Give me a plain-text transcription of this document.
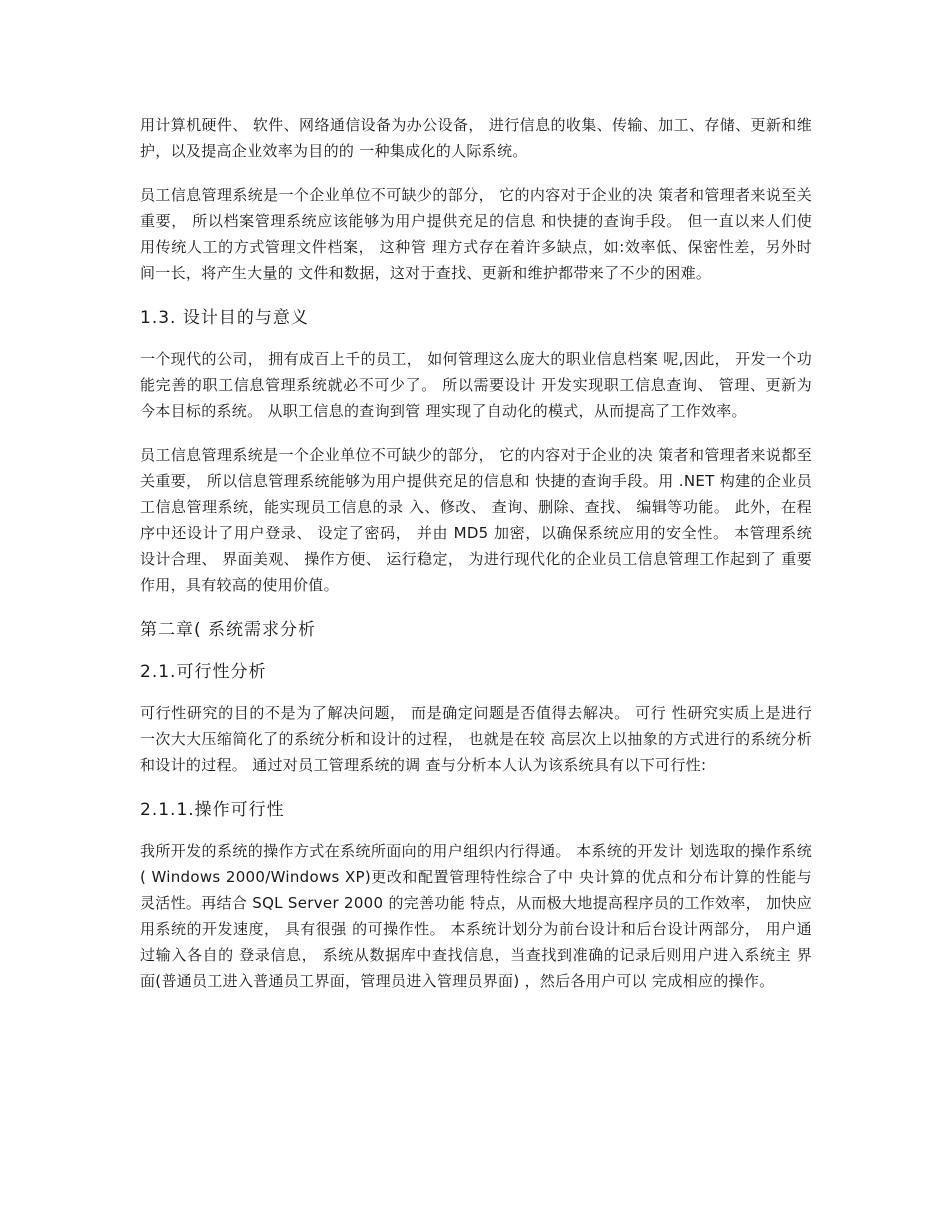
用计算机硬件、 软件、网络通信设备为办公设备， 进行信息的收集、传输、加工、存储、更新和维护，以及提高企业效率为目的的 一种集成化的人际系统。

员工信息管理系统是一个企业单位不可缺少的部分， 它的内容对于企业的决 策者和管理者来说至关重要， 所以档案管理系统应该能够为用户提供充足的信息 和快捷的查询手段。 但一直以来人们使用传统人工的方式管理文件档案， 这种管 理方式存在着许多缺点，如:效率低、保密性差，另外时间一长，将产生大量的 文件和数据，这对于查找、更新和维护都带来了不少的困难。

1.3. 设计目的与意义

一个现代的公司， 拥有成百上千的员工， 如何管理这么庞大的职业信息档案 呢,因此， 开发一个功能完善的职工信息管理系统就必不可少了。 所以需要设计 开发实现职工信息查询、 管理、更新为今本目标的系统。 从职工信息的查询到管 理实现了自动化的模式，从而提高了工作效率。

员工信息管理系统是一个企业单位不可缺少的部分， 它的内容对于企业的决 策者和管理者来说都至关重要， 所以信息管理系统能够为用户提供充足的信息和 快捷的查询手段。用 .NET 构建的企业员工信息管理系统，能实现员工信息的录 入、修改、 查询、删除、查找、 编辑等功能。 此外，在程序中还设计了用户登录、 设定了密码， 并由 MD5 加密，以确保系统应用的安全性。 本管理系统设计合理、 界面美观、 操作方便、 运行稳定， 为进行现代化的企业员工信息管理工作起到了 重要作用，具有较高的使用价值。

第二章( 系统需求分析
2.1.可行性分析

可行性研究的目的不是为了解决问题， 而是确定问题是否值得去解决。 可行 性研究实质上是进行一次大大压缩简化了的系统分析和设计的过程， 也就是在较 高层次上以抽象的方式进行的系统分析和设计的过程。 通过对员工管理系统的调 查与分析本人认为该系统具有以下可行性:

2.1.1.操作可行性

我所开发的系统的操作方式在系统所面向的用户组织内行得通。 本系统的开发计 划选取的操作系统( Windows 2000/Windows XP)更改和配置管理特性综合了中 央计算的优点和分布计算的性能与灵活性。再结合 SQL Server 2000 的完善功能 特点，从而极大地提高程序员的工作效率， 加快应用系统的开发速度， 具有很强 的可操作性。 本系统计划分为前台设计和后台设计两部分， 用户通过输入各自的 登录信息， 系统从数据库中查找信息，当查找到准确的记录后则用户进入系统主 界面(普通员工进入普通员工界面，管理员进入管理员界面) ，然后各用户可以 完成相应的操作。
